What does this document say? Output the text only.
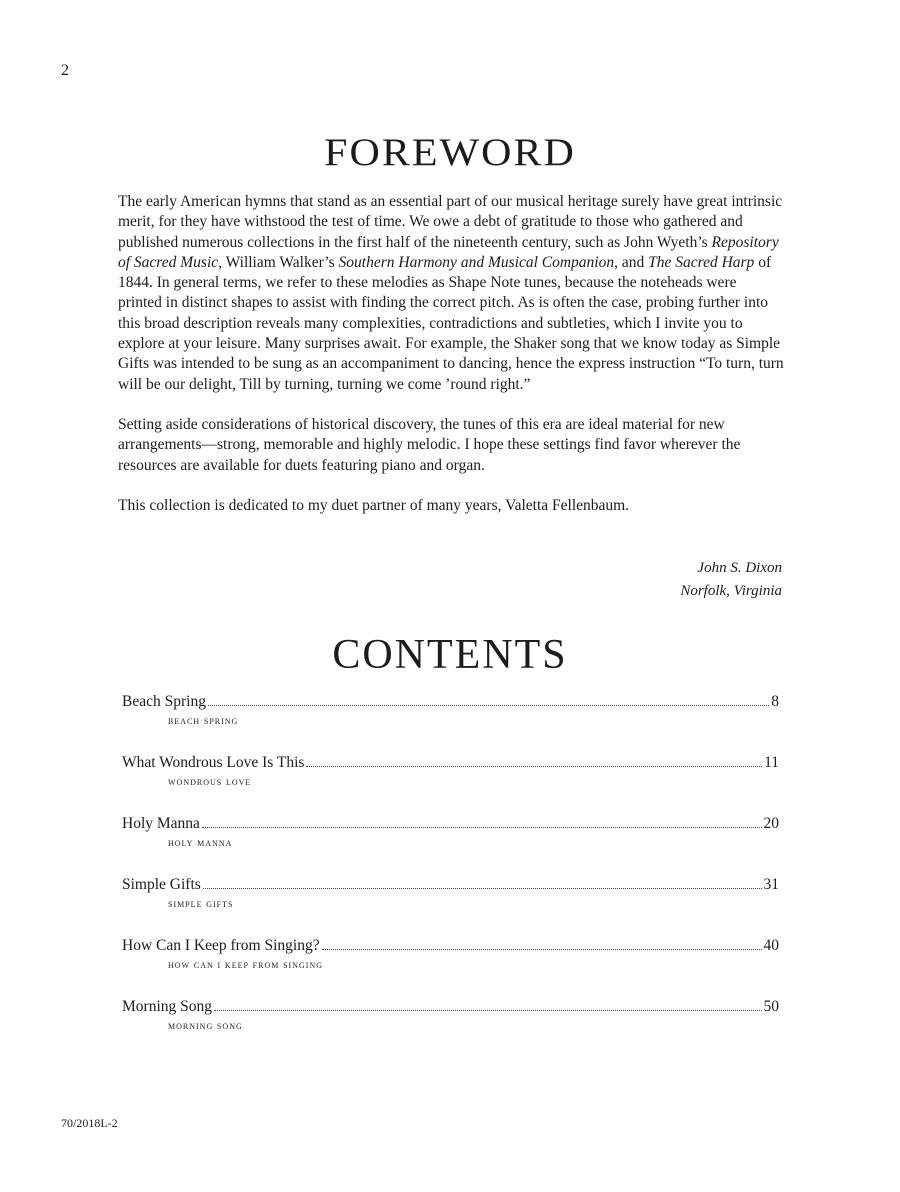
2
FOREWORD

The early American hymns that stand as an essential part of our musical heritage surely have great intrinsic merit, for they have withstood the test of time. We owe a debt of gratitude to those who gathered and published numerous collections in the first half of the nineteenth century, such as John Wyeth’s Repository of Sacred Music, William Walker’s Southern Harmony and Musical Companion, and The Sacred Harp of 1844. In general terms, we refer to these melodies as Shape Note tunes, because the noteheads were printed in distinct shapes to assist with finding the correct pitch. As is often the case, probing further into this broad description reveals many complexities, contradictions and subtleties, which I invite you to explore at your leisure. Many surprises await. For example, the Shaker song that we know today as Simple Gifts was intended to be sung as an accompaniment to dancing, hence the express instruction “To turn, turn will be our delight, Till by turning, turning we come ’round right.”

Setting aside considerations of historical discovery, the tunes of this era are ideal material for new arrangements—strong, memorable and highly melodic. I hope these settings find favor wherever the resources are available for duets featuring piano and organ.

This collection is dedicated to my duet partner of many years, Valetta Fellenbaum.

John S. Dixon
Norfolk, Virginia
CONTENTS
Beach Spring	8
beach spring
What Wondrous Love Is This	11
wondrous love
Holy Manna	20
holy manna
Simple Gifts	31
simple gifts
How Can I Keep from Singing?	40
how can i keep from singing
Morning Song	50
morning song
70/2018L-2
